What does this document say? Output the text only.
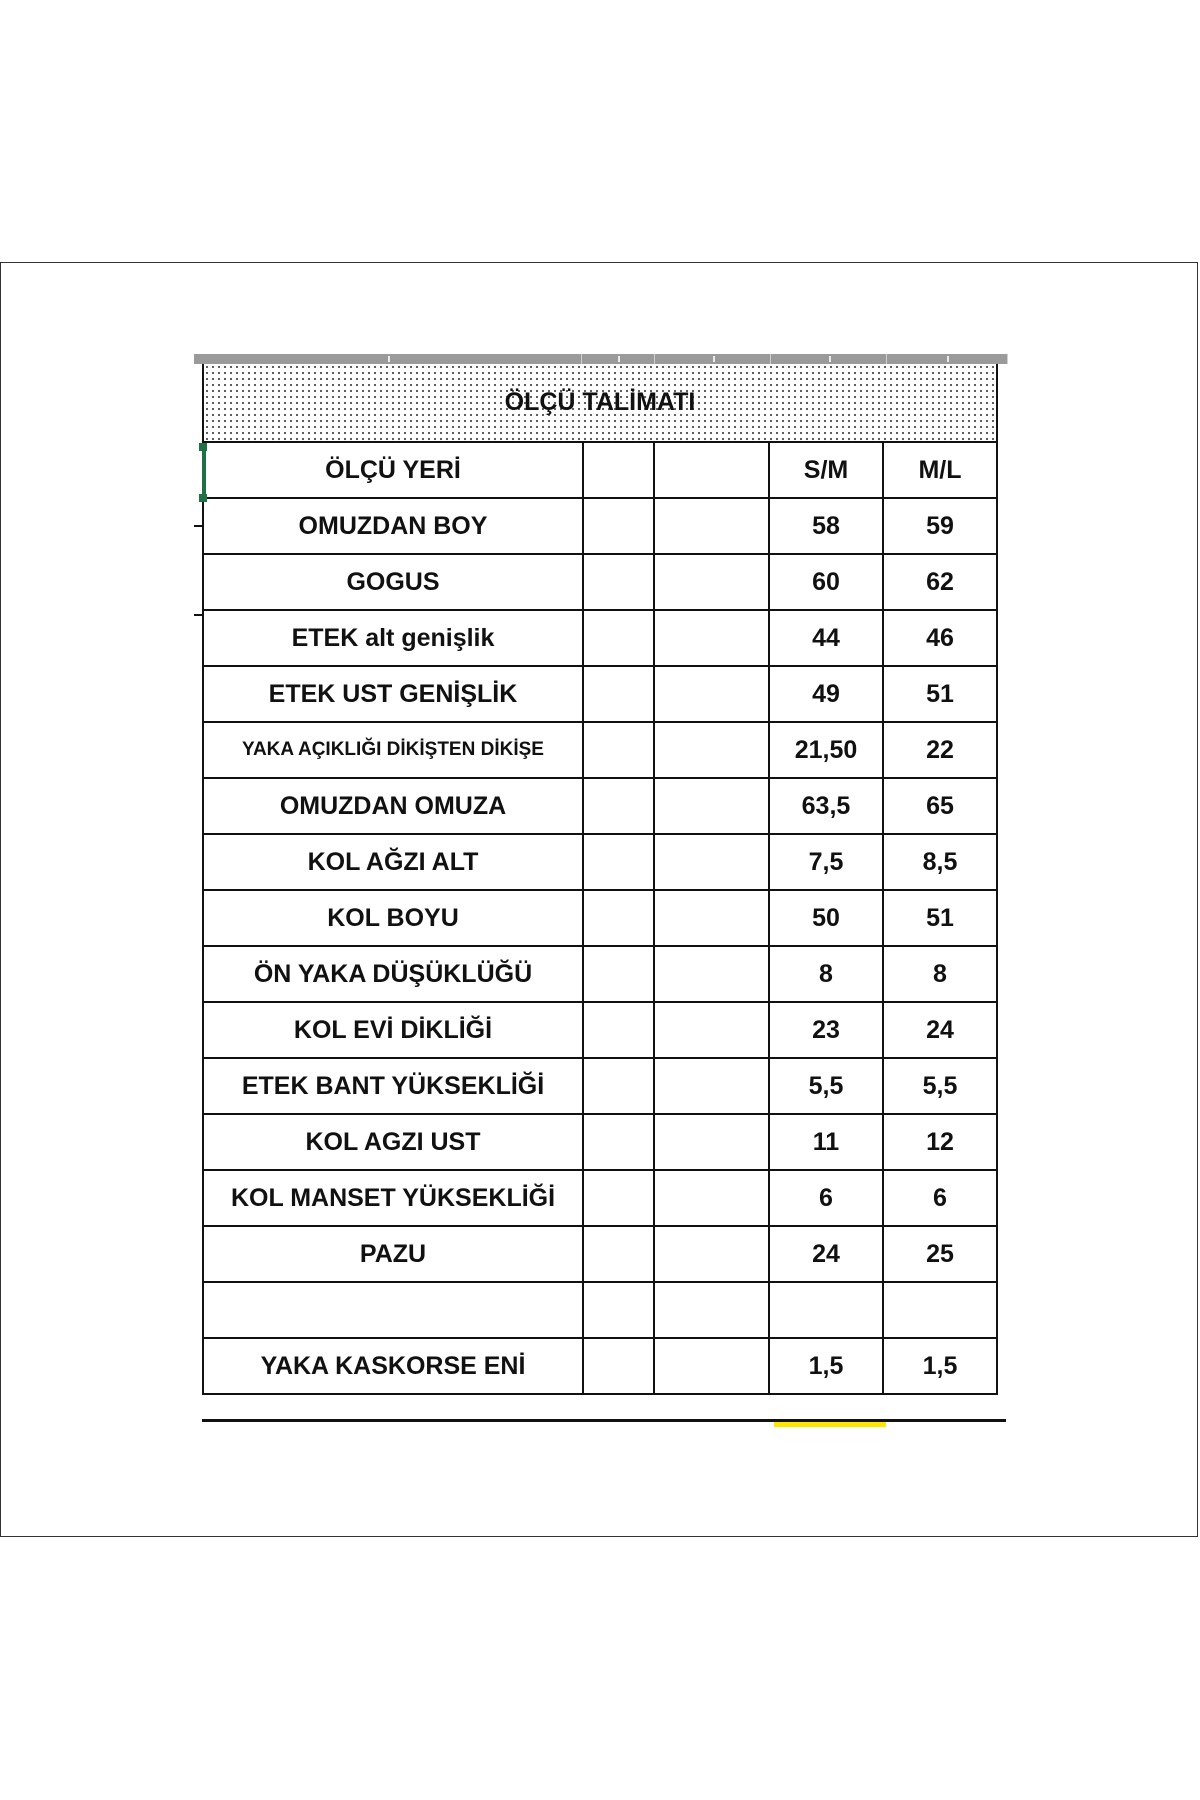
ÖLÇÜ TALİMATI				
ÖLÇÜ YERİ			S/M	M/L
OMUZDAN BOY			58	59
GOGUS			60	62
ETEK alt genişlik			44	46
ETEK UST GENİŞLİK			49	51
YAKA AÇIKLIĞI DİKİŞTEN DİKİŞE			21,50	22
OMUZDAN OMUZA			63,5	65
KOL AĞZI ALT			7,5	8,5
KOL BOYU			50	51
ÖN YAKA DÜŞÜKLÜĞÜ			8	8
KOL EVİ DİKLİĞİ			23	24
ETEK BANT YÜKSEKLİĞİ			5,5	5,5
KOL AGZI UST			11	12
KOL MANSET YÜKSEKLİĞİ			6	6
PAZU			24	25

YAKA KASKORSE ENİ			1,5	1,5
